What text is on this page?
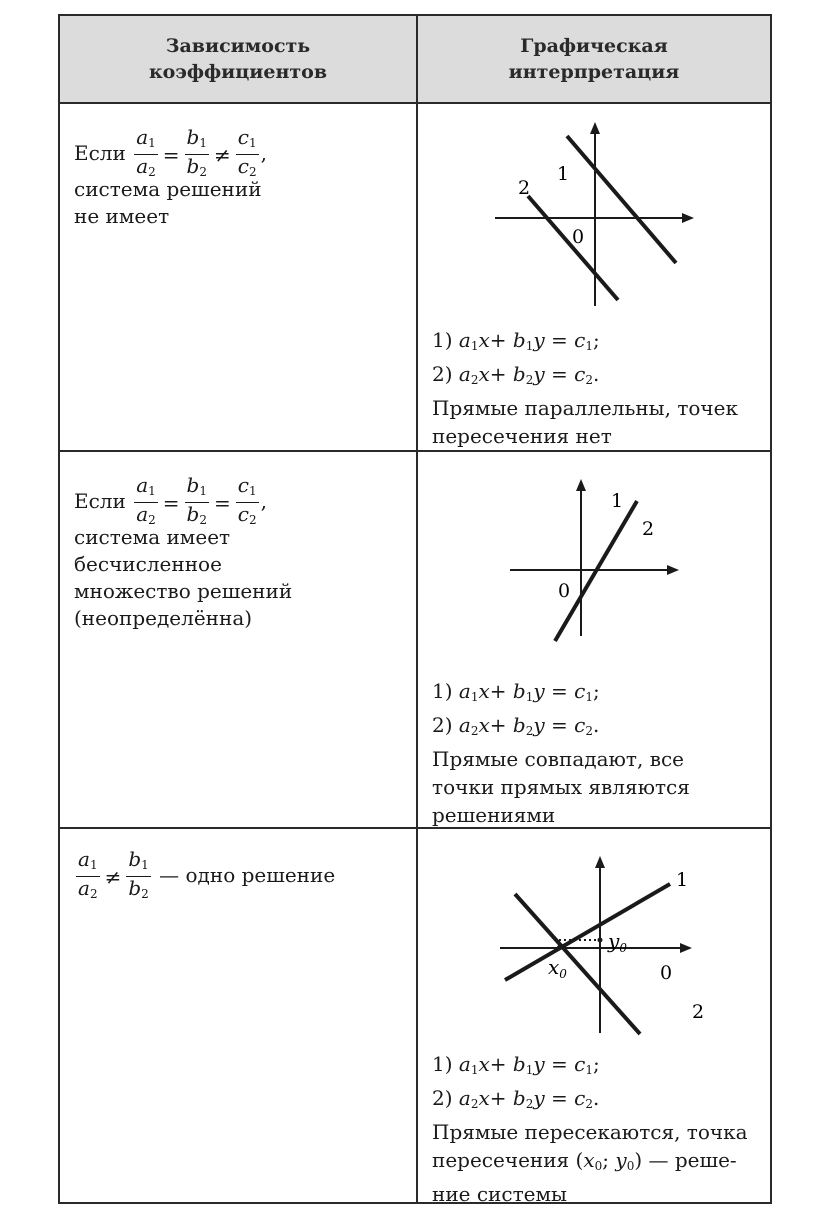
Зависимость
коэффициентов
Графическая
интерпретация
Если $\frac{a_1}{a_2} = \frac{b_1}{b_2} \ne \frac{c_1}{c_2}$ ,
система решений
не имеет
1
2
0
1) $a_1x+ b_1y = c_1$;
2) $a_2x+ b_2y = c_2$.
Прямые параллельны, точек
пересечения нет
Если $\frac{a_1}{a_2} = \frac{b_1}{b_2} = \frac{c_1}{c_2}$ ,
система имеет
бесчисленное
множество решений
(неопределённа)
1
2
0
1) $a_1x+ b_1y = c_1$;
2) $a_2x+ b_2y = c_2$.
Прямые совпадают, все
точки прямых являются
решениями
$\frac{a_1}{a_2} \ne \frac{b_1}{b_2}$ — одно решение	1
2
0
$y_0$
$x_0$
1) $a_1x+ b_1y = c_1$;
2) $a_2x+ b_2y = c_2$.
Прямые пересекаются, точка
пересечения ($x_0$; $y_0$) — реше-
ние системы
